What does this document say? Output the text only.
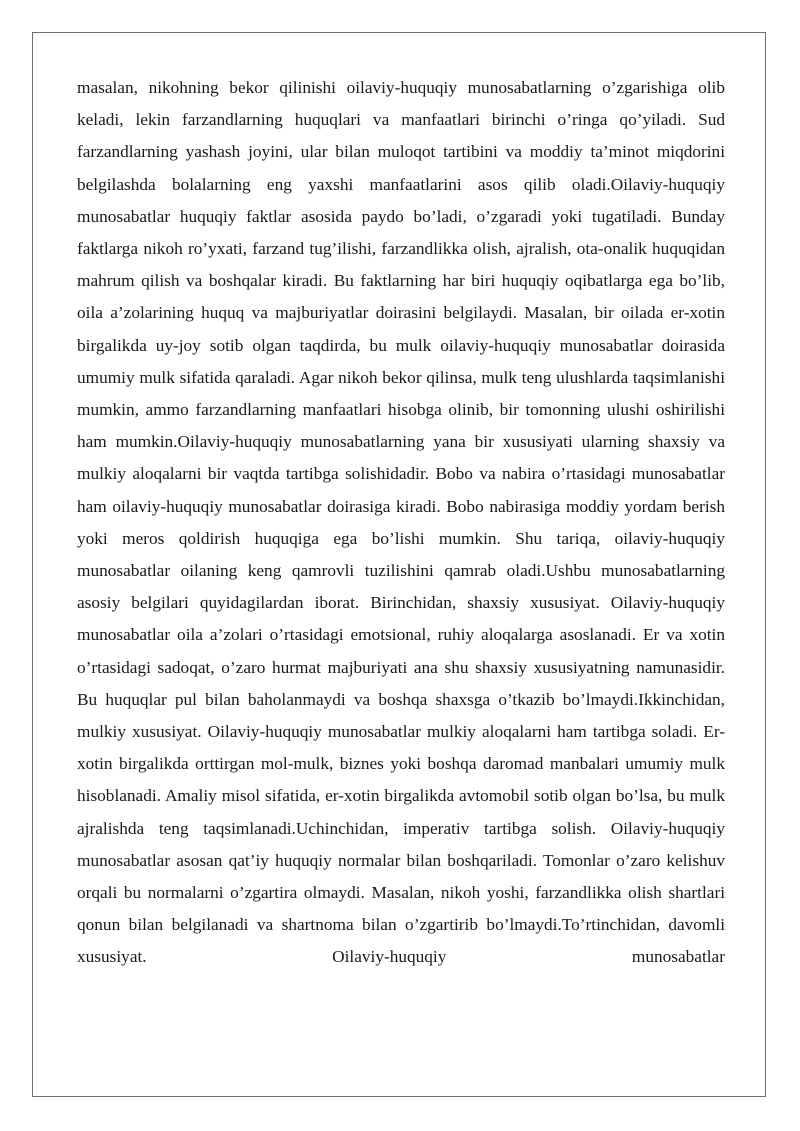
masalan, nikohning bekor qilinishi oilaviy-huquqiy munosabatlarning o’zgarishiga olib keladi, lekin farzandlarning huquqlari va manfaatlari birinchi o’ringa qo’yiladi. Sud farzandlarning yashash joyini, ular bilan muloqot tartibini va moddiy ta’minot miqdorini belgilashda bolalarning eng yaxshi manfaatlarini asos qilib oladi.Oilaviy-huquqiy munosabatlar huquqiy faktlar asosida paydo bo’ladi, o’zgaradi yoki tugatiladi. Bunday faktlarga nikoh ro’yxati, farzand tug’ilishi, farzandlikka olish, ajralish, ota-onalik huquqidan mahrum qilish va boshqalar kiradi. Bu faktlarning har biri huquqiy oqibatlarga ega bo’lib, oila a’zolarining huquq va majburiyatlar doirasini belgilaydi. Masalan, bir oilada er-xotin birgalikda uy-joy sotib olgan taqdirda, bu mulk oilaviy-huquqiy munosabatlar doirasida umumiy mulk sifatida qaraladi. Agar nikoh bekor qilinsa, mulk teng ulushlarda taqsimlanishi mumkin, ammo farzandlarning manfaatlari hisobga olinib, bir tomonning ulushi oshirilishi ham mumkin.Oilaviy-huquqiy munosabatlarning yana bir xususiyati ularning shaxsiy va mulkiy aloqalarni bir vaqtda tartibga solishidadir. Bobo va nabira o’rtasidagi munosabatlar ham oilaviy-huquqiy munosabatlar doirasiga kiradi. Bobo nabirasiga moddiy yordam berish yoki meros qoldirish huquqiga ega bo’lishi mumkin. Shu tariqa, oilaviy-huquqiy munosabatlar oilaning keng qamrovli tuzilishini qamrab oladi.Ushbu munosabatlarning asosiy belgilari quyidagilardan iborat. Birinchidan, shaxsiy xususiyat. Oilaviy-huquqiy munosabatlar oila a’zolari o’rtasidagi emotsional, ruhiy aloqalarga asoslanadi. Er va xotin o’rtasidagi sadoqat, o’zaro hurmat majburiyati ana shu shaxsiy xususiyatning namunasidir. Bu huquqlar pul bilan baholanmaydi va boshqa shaxsga o’tkazib bo’lmaydi.Ikkinchidan, mulkiy xususiyat. Oilaviy-huquqiy munosabatlar mulkiy aloqalarni ham tartibga soladi. Er-xotin birgalikda orttirgan mol-mulk, biznes yoki boshqa daromad manbalari umumiy mulk hisoblanadi. Amaliy misol sifatida, er-xotin birgalikda avtomobil sotib olgan bo’lsa, bu mulk ajralishda teng taqsimlanadi.Uchinchidan, imperativ tartibga solish. Oilaviy-huquqiy munosabatlar asosan qat’iy huquqiy normalar bilan boshqariladi. Tomonlar o’zaro kelishuv orqali bu normalarni o’zgartira olmaydi. Masalan, nikoh yoshi, farzandlikka olish shartlari qonun bilan belgilanadi va shartnoma bilan o’zgartirib bo’lmaydi.To’rtinchidan, davomli xususiyat. Oilaviy-huquqiy munosabatlar
